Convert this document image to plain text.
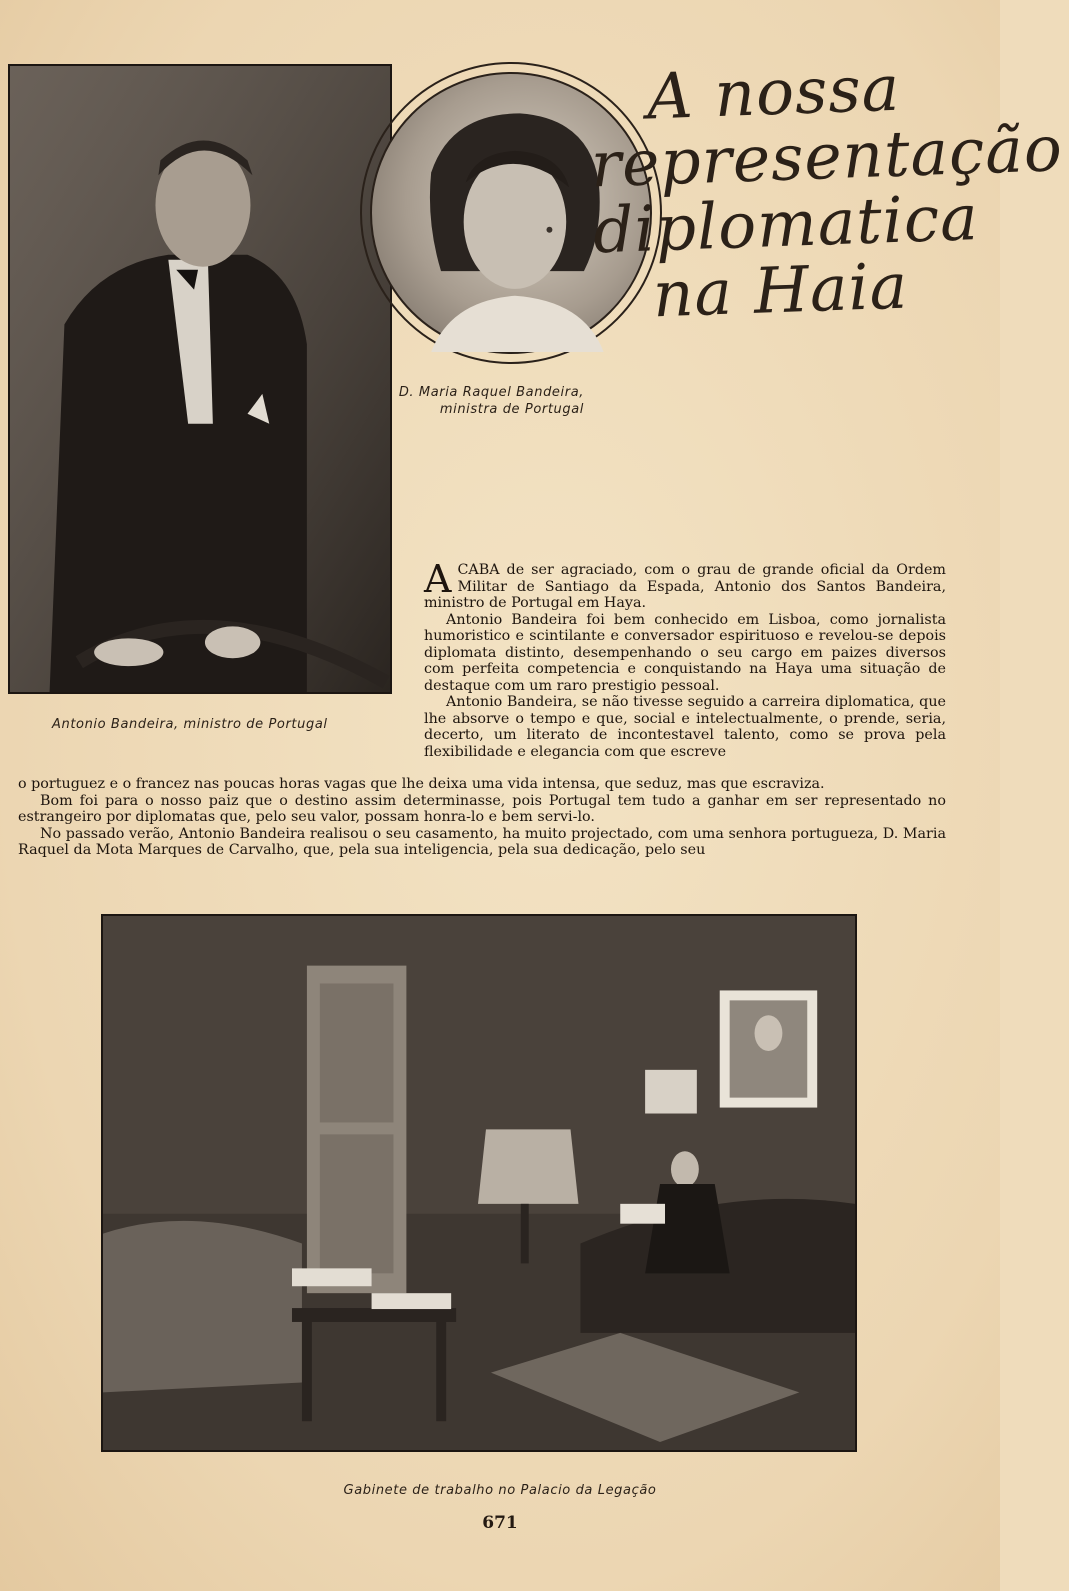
A nossa representação diplomatica na Haia
D. Maria Raquel Bandeira, ministra de Portugal
Antonio Bandeira, ministro de Portugal

ACABA de ser agraciado, com o grau de grande oficial da Ordem Militar de Santiago da Espada, Antonio dos Santos Bandeira, ministro de Portugal em Haya.

Antonio Bandeira foi bem conhecido em Lisboa, como jornalista humoristico e scintilante e conversador espirituoso e revelou-se depois diplomata distinto, desempenhando o seu cargo em paizes diversos com perfeita competencia e conquistando na Haya uma situação de destaque com um raro prestigio pessoal.

Antonio Bandeira, se não tivesse seguido a carreira diplomatica, que lhe absorve o tempo e que, social e intelectualmente, o prende, seria, decerto, um literato de incontestavel talento, como se prova pela flexibilidade e elegancia com que escreve

o portuguez e o francez nas poucas horas vagas que lhe deixa uma vida intensa, que seduz, mas que escraviza.

Bom foi para o nosso paiz que o destino assim determinasse, pois Portugal tem tudo a ganhar em ser representado no estrangeiro por diplomatas que, pelo seu valor, possam honra-lo e bem servi-lo.

No passado verão, Antonio Bandeira realisou o seu casamento, ha muito projectado, com uma senhora portugueza, D. Maria Raquel da Mota Marques de Carvalho, que, pela sua inteligencia, pela sua dedicação, pelo seu

Gabinete de trabalho no Palacio da Legação
671
